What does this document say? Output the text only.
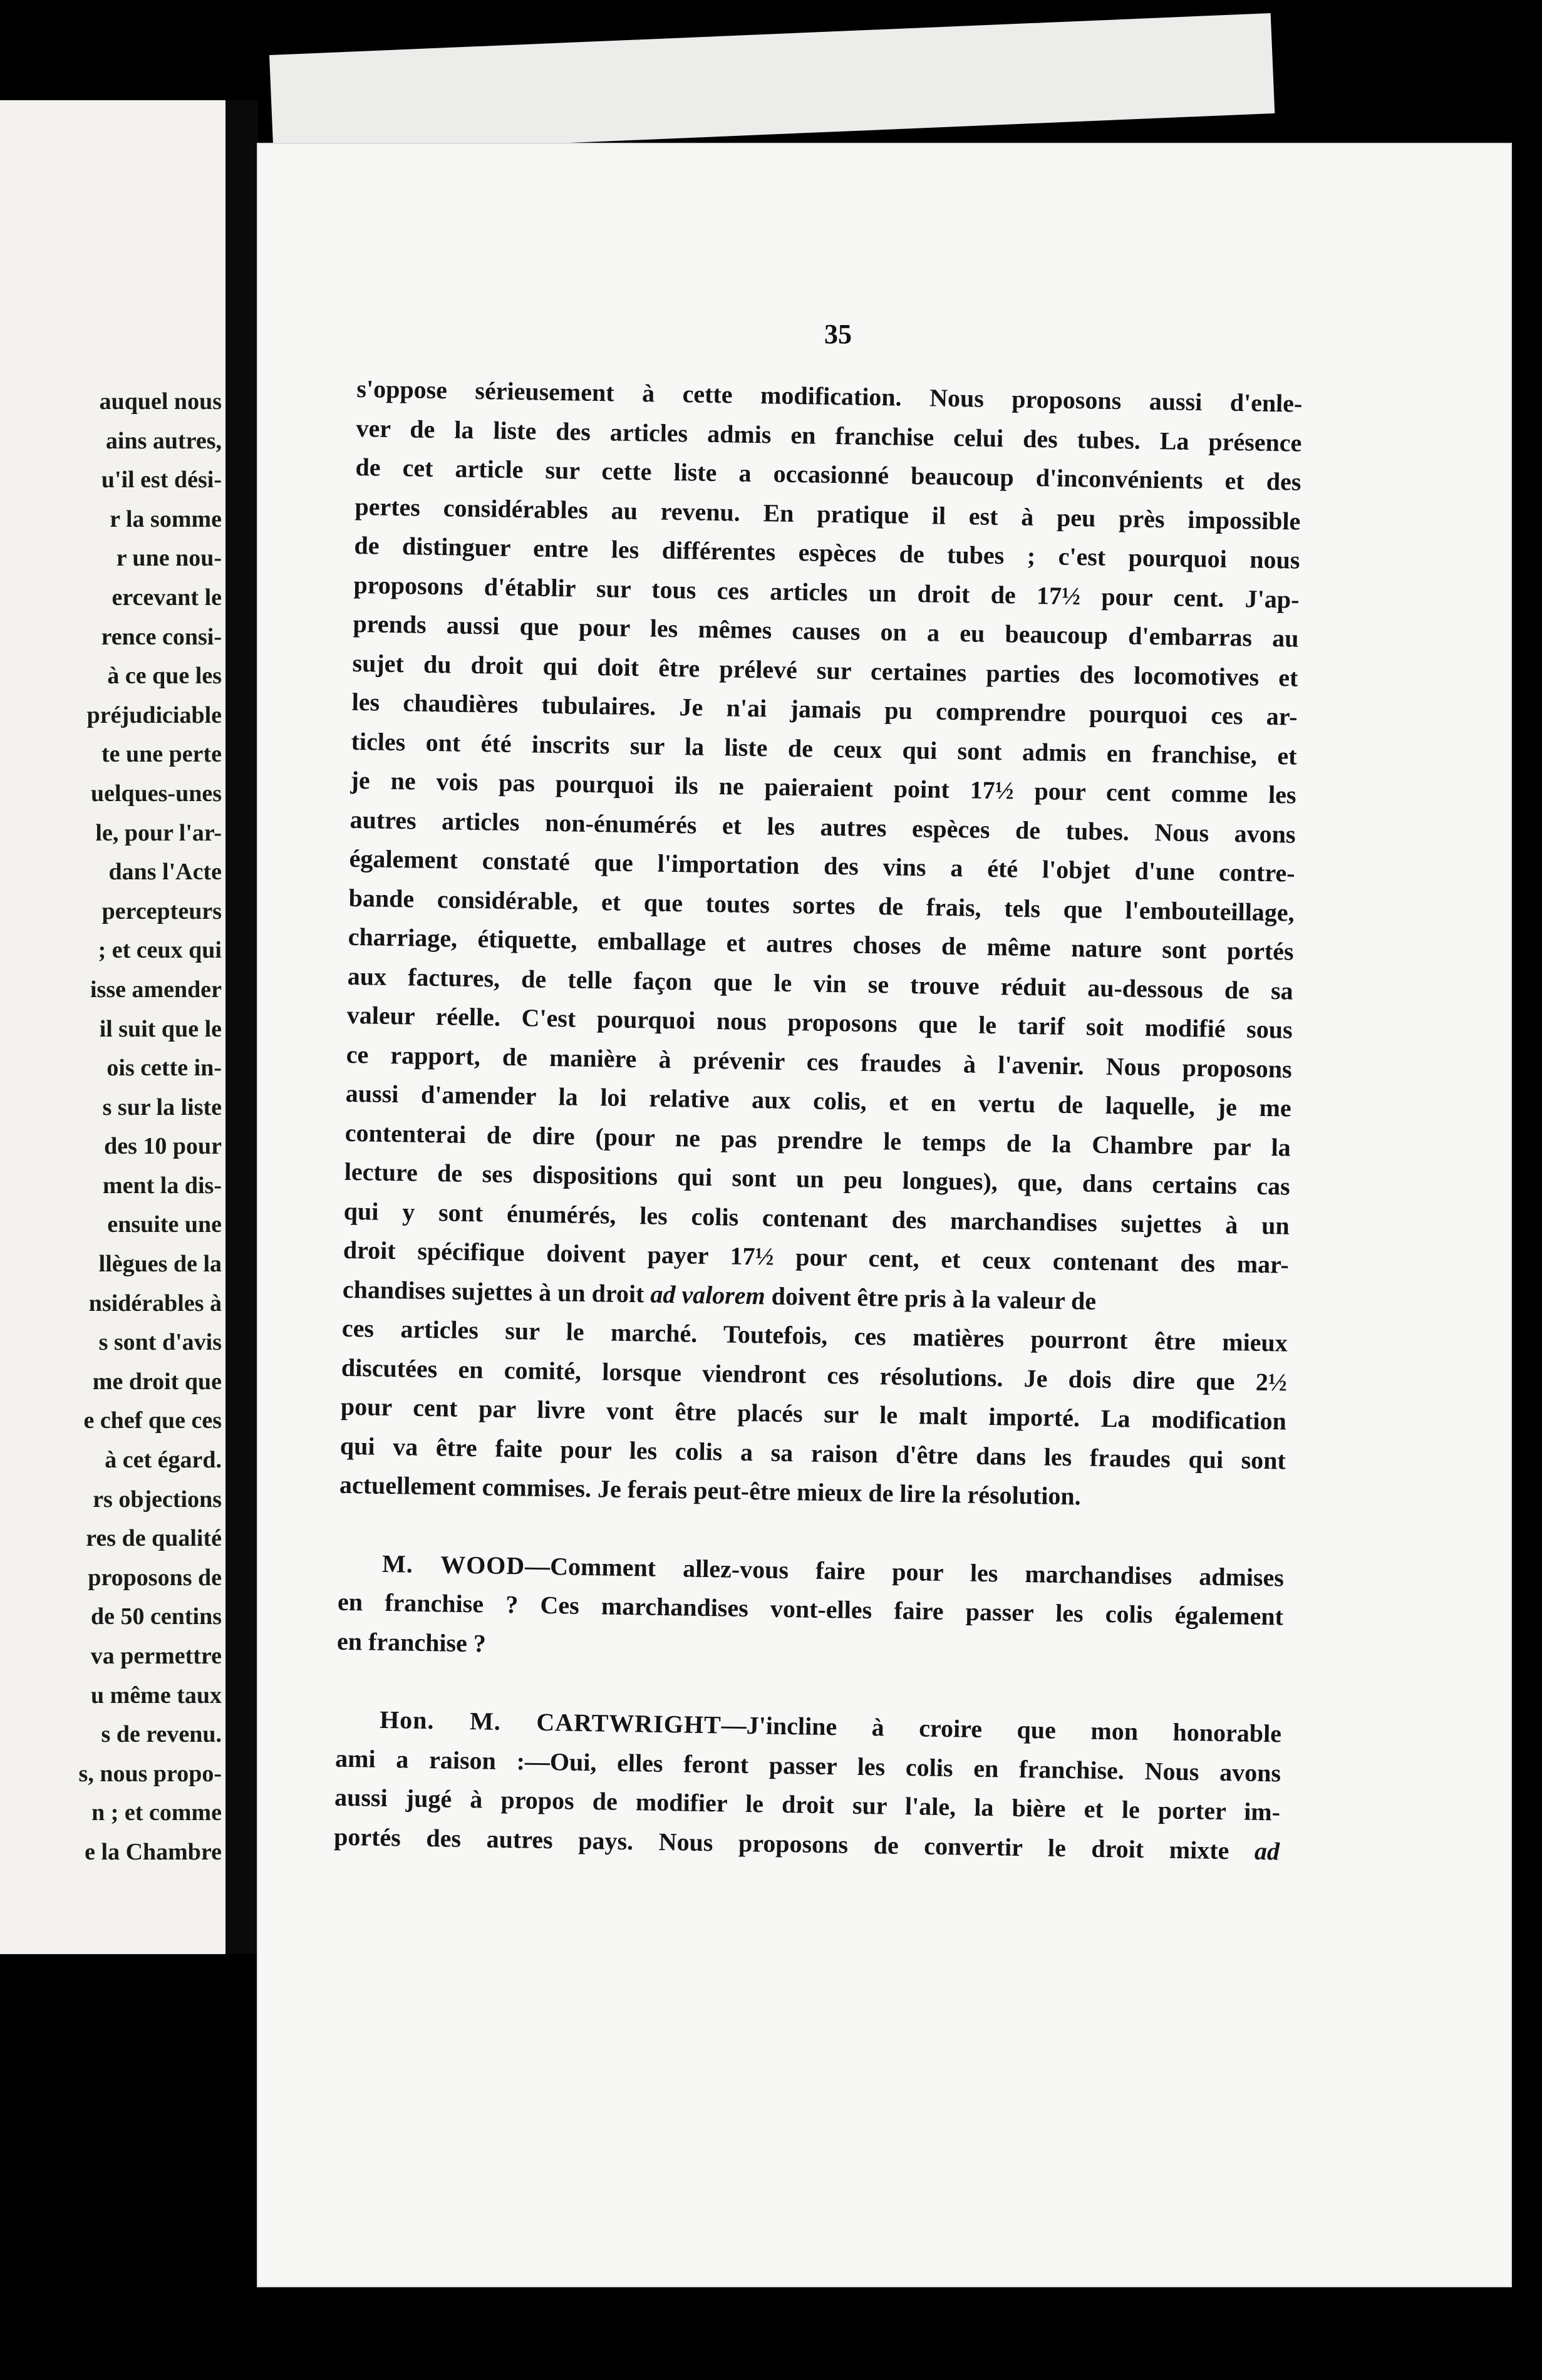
auquel nous
ains autres,
u'il est dési-
r la somme
r une nou-
ercevant le
rence consi-
à ce que les
préjudiciable
te une perte
uelques-unes
le, pour l'ar-
dans l'Acte
percepteurs
; et ceux qui
isse amender
il suit que le
ois cette in-
s sur la liste
des 10 pour
ment la dis-
ensuite une
llègues de la
nsidérables à
s sont d'avis
me droit que
e chef que ces
à cet égard.
rs objections
res de qualité
proposons de
de 50 centins
va permettre
u même taux
s de revenu.
s, nous propo-
n ; et comme
e la Chambre
35
s'oppose sérieusement à cette modification. Nous proposons aussi d'enle-
ver de la liste des articles admis en franchise celui des tubes. La présence
de cet article sur cette liste a occasionné beaucoup d'inconvénients et des
pertes considérables au revenu. En pratique il est à peu près impossible
de distinguer entre les différentes espèces de tubes ; c'est pourquoi nous
proposons d'établir sur tous ces articles un droit de 17½ pour cent. J'ap-
prends aussi que pour les mêmes causes on a eu beaucoup d'embarras au
sujet du droit qui doit être prélevé sur certaines parties des locomotives et
les chaudières tubulaires. Je n'ai jamais pu comprendre pourquoi ces ar-
ticles ont été inscrits sur la liste de ceux qui sont admis en franchise, et
je ne vois pas pourquoi ils ne paieraient point 17½ pour cent comme les
autres articles non-énumérés et les autres espèces de tubes. Nous avons
également constaté que l'importation des vins a été l'objet d'une contre-
bande considérable, et que toutes sortes de frais, tels que l'embouteillage,
charriage, étiquette, emballage et autres choses de même nature sont portés
aux factures, de telle façon que le vin se trouve réduit au-dessous de sa
valeur réelle. C'est pourquoi nous proposons que le tarif soit modifié sous
ce rapport, de manière à prévenir ces fraudes à l'avenir. Nous proposons
aussi d'amender la loi relative aux colis, et en vertu de laquelle, je me
contenterai de dire (pour ne pas prendre le temps de la Chambre par la
lecture de ses dispositions qui sont un peu longues), que, dans certains cas
qui y sont énumérés, les colis contenant des marchandises sujettes à un
droit spécifique doivent payer 17½ pour cent, et ceux contenant des mar-
chandises sujettes à un droit ad valorem doivent être pris à la valeur de
ces articles sur le marché. Toutefois, ces matières pourront être mieux
discutées en comité, lorsque viendront ces résolutions. Je dois dire que 2½
pour cent par livre vont être placés sur le malt importé. La modification
qui va être faite pour les colis a sa raison d'être dans les fraudes qui sont
actuellement commises. Je ferais peut-être mieux de lire la résolution.
M. WOOD—Comment allez-vous faire pour les marchandises admises
en franchise ? Ces marchandises vont-elles faire passer les colis également
en franchise ?
Hon. M. CARTWRIGHT—J'incline à croire que mon honorable
ami a raison :—Oui, elles feront passer les colis en franchise. Nous avons
aussi jugé à propos de modifier le droit sur l'ale, la bière et le porter im-
portés des autres pays. Nous proposons de convertir le droit mixte ad
